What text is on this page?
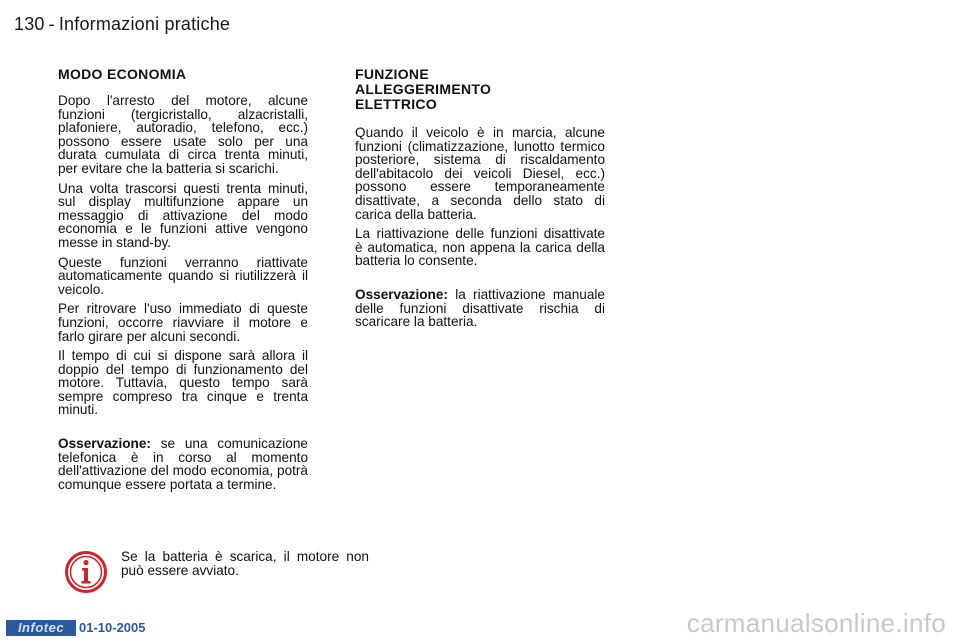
130 - Informazioni pratiche
MODO ECONOMIA

Dopo l'arresto del motore, alcune funzioni (tergicristallo, alzacristalli, plafoniere, autoradio, telefono, ecc.) possono essere usate solo per una durata cumulata di circa trenta minuti, per evitare che la batteria si scarichi.

Una volta trascorsi questi trenta minuti, sul display multifunzione appare un messaggio di attivazione del modo economia e le funzioni attive vengono messe in stand-by.

Queste funzioni verranno riattivate automaticamente quando si riutilizzerà il veicolo.

Per ritrovare l'uso immediato di queste funzioni, occorre riavviare il motore e farlo girare per alcuni secondi.

Il tempo di cui si dispone sarà allora il doppio del tempo di funzionamento del motore. Tuttavia, questo tempo sarà sempre compreso tra cinque e trenta minuti.

Osservazione: se una comunicazione telefonica è in corso al momento dell'attivazione del modo economia, potrà comunque essere portata a termine.

FUNZIONE
ALLEGGERIMENTO
ELETTRICO

Quando il veicolo è in marcia, alcune funzioni (climatizzazione, lunotto termico posteriore, sistema di riscaldamento dell'abitacolo dei veicoli Diesel, ecc.) possono essere temporaneamente disattivate, a seconda dello stato di carica della batteria.

La riattivazione delle funzioni disattivate è automatica, non appena la carica della batteria lo consente.

Osservazione: la riattivazione manuale delle funzioni disattivate rischia di scaricare la batteria.

Se la batteria è scarica, il motore non può essere avviato.
Infotec	01-10-2005	carmanualsonline.info
